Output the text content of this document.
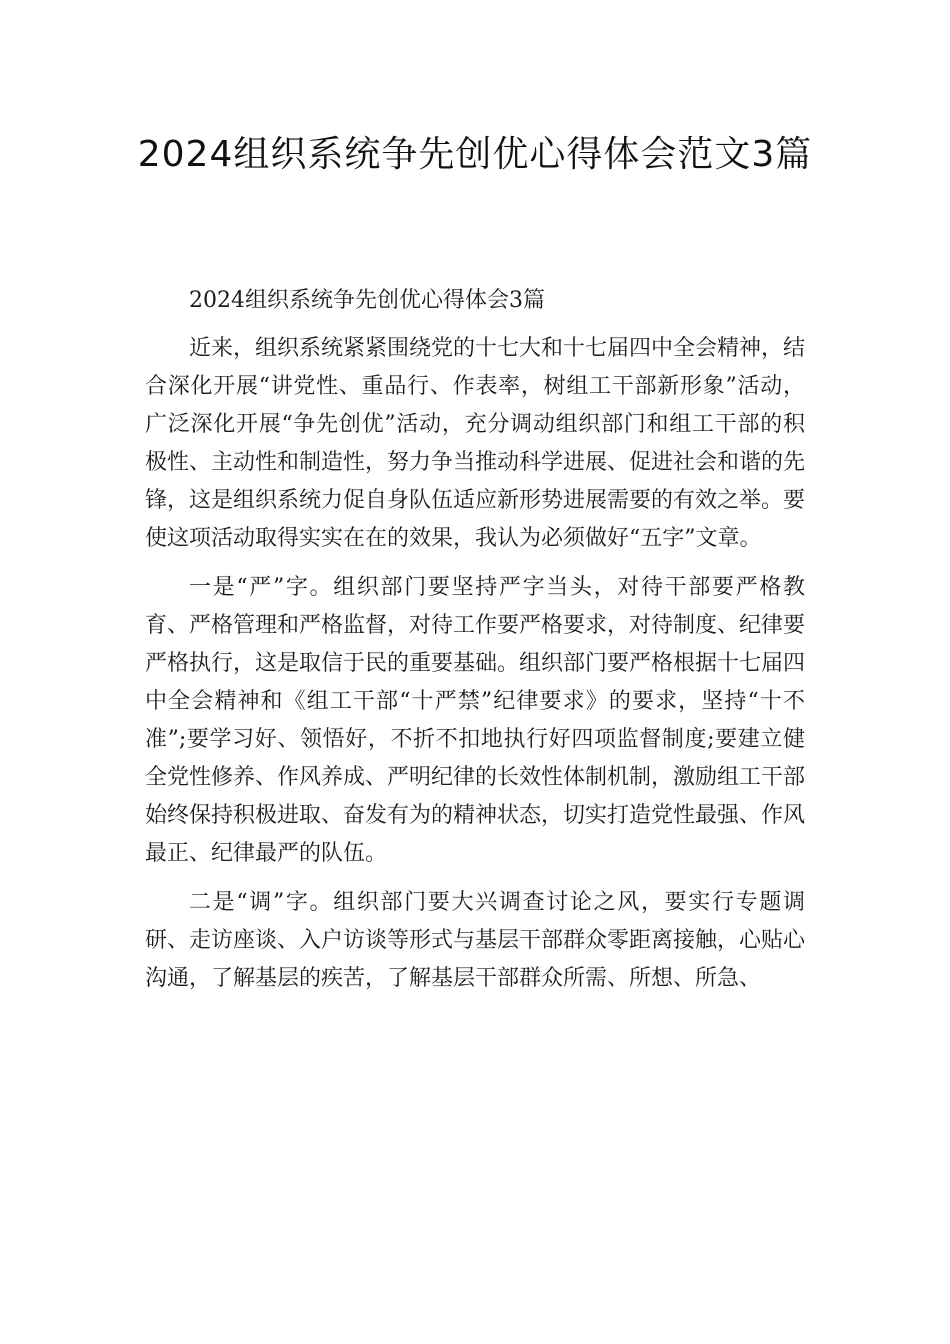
2024组织系统争先创优心得体会范文3篇

2024组织系统争先创优心得体会3篇

近来，组织系统紧紧围绕党的十七大和十七届四中全会精神，结合深化开展“讲党性、重品行、作表率，树组工干部新形象”活动，广泛深化开展“争先创优”活动，充分调动组织部门和组工干部的积极性、主动性和制造性，努力争当推动科学进展、促进社会和谐的先锋，这是组织系统力促自身队伍适应新形势进展需要的有效之举。要使这项活动取得实实在在的效果，我认为必须做好“五字”文章。

一是“严”字。组织部门要坚持严字当头，对待干部要严格教育、严格管理和严格监督，对待工作要严格要求，对待制度、纪律要严格执行，这是取信于民的重要基础。组织部门要严格根据十七届四中全会精神和《组工干部“十严禁”纪律要求》的要求，坚持“十不准”;要学习好、领悟好，不折不扣地执行好四项监督制度;要建立健全党性修养、作风养成、严明纪律的长效性体制机制，激励组工干部始终保持积极进取、奋发有为的精神状态，切实打造党性最强、作风最正、纪律最严的队伍。

二是“调”字。组织部门要大兴调查讨论之风，要实行专题调研、走访座谈、入户访谈等形式与基层干部群众零距离接触，心贴心沟通，了解基层的疾苦，了解基层干部群众所需、所想、所急、
